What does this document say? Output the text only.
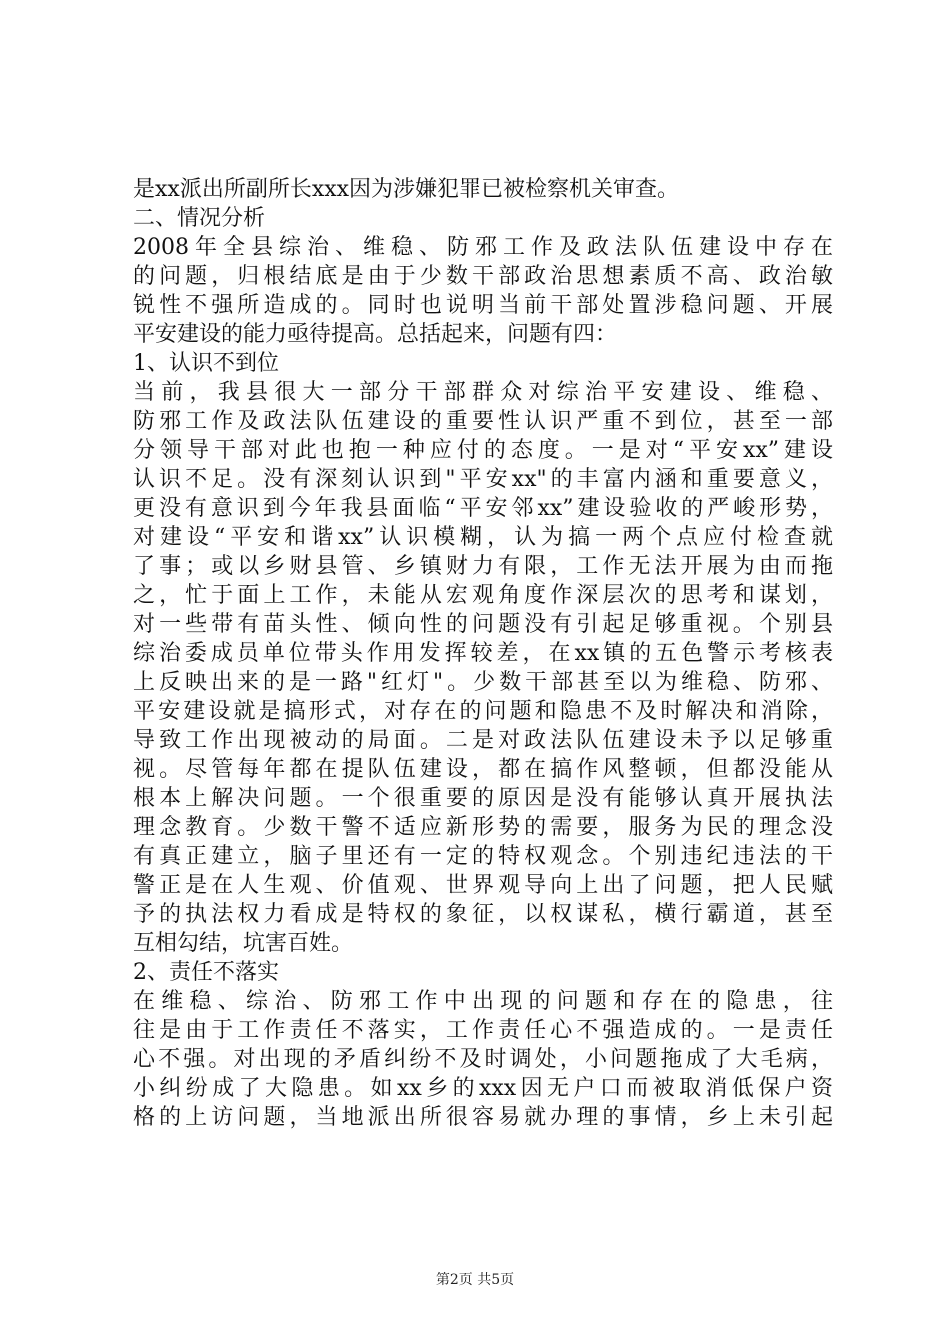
是xx派出所副所长xxx因为涉嫌犯罪已被检察机关审查。

二、情况分析

2008年全县综治、维稳、防邪工作及政法队伍建设中存在

的问题，归根结底是由于少数干部政治思想素质不高、政治敏

锐性不强所造成的。同时也说明当前干部处置涉稳问题、开展

平安建设的能力亟待提高。总括起来，问题有四：

1、认识不到位

当前，我县很大一部分干部群众对综治平安建设、维稳、

防邪工作及政法队伍建设的重要性认识严重不到位，甚至一部

分领导干部对此也抱一种应付的态度。一是对“平安xx”建设

认识不足。没有深刻认识到"平安xx"的丰富内涵和重要意义，

更没有意识到今年我县面临“平安邻xx”建设验收的严峻形势，

对建设“平安和谐xx”认识模糊，认为搞一两个点应付检查就

了事；或以乡财县管、乡镇财力有限，工作无法开展为由而拖

之，忙于面上工作，未能从宏观角度作深层次的思考和谋划，

对一些带有苗头性、倾向性的问题没有引起足够重视。个别县

综治委成员单位带头作用发挥较差，在xx镇的五色警示考核表

上反映出来的是一路"红灯"。少数干部甚至以为维稳、防邪、

平安建设就是搞形式，对存在的问题和隐患不及时解决和消除，

导致工作出现被动的局面。二是对政法队伍建设未予以足够重

视。尽管每年都在提队伍建设，都在搞作风整顿，但都没能从

根本上解决问题。一个很重要的原因是没有能够认真开展执法

理念教育。少数干警不适应新形势的需要，服务为民的理念没

有真正建立，脑子里还有一定的特权观念。个别违纪违法的干

警正是在人生观、价值观、世界观导向上出了问题，把人民赋

予的执法权力看成是特权的象征，以权谋私，横行霸道，甚至

互相勾结，坑害百姓。

2、责任不落实

在维稳、综治、防邪工作中出现的问题和存在的隐患，往

往是由于工作责任不落实，工作责任心不强造成的。一是责任

心不强。对出现的矛盾纠纷不及时调处，小问题拖成了大毛病，

小纠纷成了大隐患。如xx乡的xxx因无户口而被取消低保户资

格的上访问题，当地派出所很容易就办理的事情，乡上未引起

第2页 共5页
